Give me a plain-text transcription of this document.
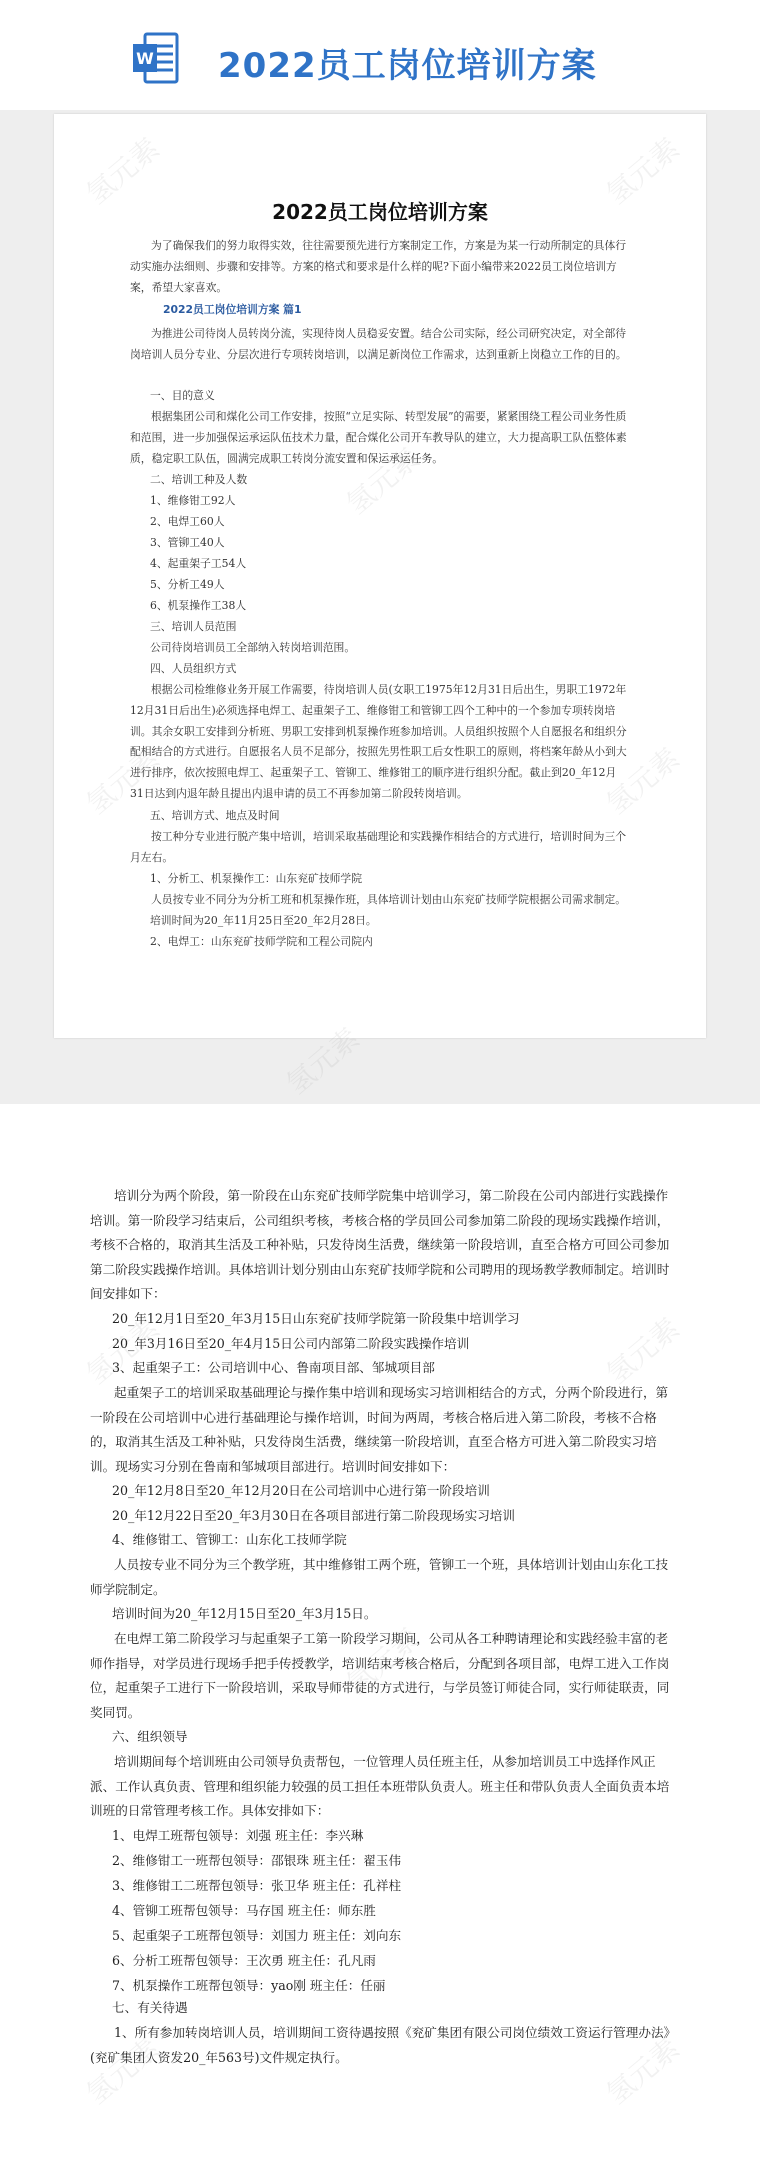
W 2022员工岗位培训方案
2022员工岗位培训方案
为了确保我们的努力取得实效，往往需要预先进行方案制定工作，方案是为某一行动所制定的具体行动实施办法细则、步骤和安排等。方案的格式和要求是什么样的呢?下面小编带来2022员工岗位培训方案，希望大家喜欢。
2022员工岗位培训方案 篇1
为推进公司待岗人员转岗分流，实现待岗人员稳妥安置。结合公司实际，经公司研究决定，对全部待岗培训人员分专业、分层次进行专项转岗培训，以满足新岗位工作需求，达到重新上岗稳立工作的目的。
一、目的意义
根据集团公司和煤化公司工作安排，按照“立足实际、转型发展”的需要，紧紧围绕工程公司业务性质和范围，进一步加强保运承运队伍技术力量，配合煤化公司开车教导队的建立，大力提高职工队伍整体素质，稳定职工队伍，圆满完成职工转岗分流安置和保运承运任务。
二、培训工种及人数
1、维修钳工92人
2、电焊工60人
3、管铆工40人
4、起重架子工54人
5、分析工49人
6、机泵操作工38人
三、培训人员范围
公司待岗培训员工全部纳入转岗培训范围。
四、人员组织方式
根据公司检维修业务开展工作需要，待岗培训人员(女职工1975年12月31日后出生，男职工1972年12月31日后出生)必须选择电焊工、起重架子工、维修钳工和管铆工四个工种中的一个参加专项转岗培训。其余女职工安排到分析班、男职工安排到机泵操作班参加培训。人员组织按照个人自愿报名和组织分配相结合的方式进行。自愿报名人员不足部分，按照先男性职工后女性职工的原则，将档案年龄从小到大进行排序，依次按照电焊工、起重架子工、管铆工、维修钳工的顺序进行组织分配。截止到20_年12月31日达到内退年龄且提出内退申请的员工不再参加第二阶段转岗培训。
五、培训方式、地点及时间
按工种分专业进行脱产集中培训，培训采取基础理论和实践操作相结合的方式进行，培训时间为三个月左右。
1、分析工、机泵操作工：山东兖矿技师学院
人员按专业不同分为分析工班和机泵操作班，具体培训计划由山东兖矿技师学院根据公司需求制定。
培训时间为20_年11月25日至20_年2月28日。
2、电焊工：山东兖矿技师学院和工程公司院内
培训分为两个阶段，第一阶段在山东兖矿技师学院集中培训学习，第二阶段在公司内部进行实践操作培训。第一阶段学习结束后，公司组织考核，考核合格的学员回公司参加第二阶段的现场实践操作培训，考核不合格的，取消其生活及工种补贴，只发待岗生活费，继续第一阶段培训，直至合格方可回公司参加第二阶段实践操作培训。具体培训计划分别由山东兖矿技师学院和公司聘用的现场教学教师制定。培训时间安排如下：
20_年12月1日至20_年3月15日山东兖矿技师学院第一阶段集中培训学习
20_年3月16日至20_年4月15日公司内部第二阶段实践操作培训
3、起重架子工：公司培训中心、鲁南项目部、邹城项目部
起重架子工的培训采取基础理论与操作集中培训和现场实习培训相结合的方式，分两个阶段进行，第一阶段在公司培训中心进行基础理论与操作培训，时间为两周，考核合格后进入第二阶段，考核不合格的，取消其生活及工种补贴，只发待岗生活费，继续第一阶段培训，直至合格方可进入第二阶段实习培训。现场实习分别在鲁南和邹城项目部进行。培训时间安排如下：
20_年12月8日至20_年12月20日在公司培训中心进行第一阶段培训
20_年12月22日至20_年3月30日在各项目部进行第二阶段现场实习培训
4、维修钳工、管铆工：山东化工技师学院
人员按专业不同分为三个教学班，其中维修钳工两个班，管铆工一个班，具体培训计划由山东化工技师学院制定。
培训时间为20_年12月15日至20_年3月15日。
在电焊工第二阶段学习与起重架子工第一阶段学习期间，公司从各工种聘请理论和实践经验丰富的老师作指导，对学员进行现场手把手传授教学，培训结束考核合格后，分配到各项目部，电焊工进入工作岗位，起重架子工进行下一阶段培训，采取导师带徒的方式进行，与学员签订师徒合同，实行师徒联责，同奖同罚。
六、组织领导
培训期间每个培训班由公司领导负责帮包，一位管理人员任班主任，从参加培训员工中选择作风正派、工作认真负责、管理和组织能力较强的员工担任本班带队负责人。班主任和带队负责人全面负责本培训班的日常管理考核工作。具体安排如下：
1、电焊工班帮包领导：刘强 班主任：李兴琳
2、维修钳工一班帮包领导：邵银珠 班主任：翟玉伟
3、维修钳工二班帮包领导：张卫华 班主任：孔祥柱
4、管铆工班帮包领导：马存国 班主任：师东胜
5、起重架子工班帮包领导：刘国力 班主任：刘向东
6、分析工班帮包领导：王次勇 班主任：孔凡雨
7、机泵操作工班帮包领导：yao刚 班主任：任丽
七、有关待遇
1、所有参加转岗培训人员，培训期间工资待遇按照《兖矿集团有限公司岗位绩效工资运行管理办法》(兖矿集团人资发20_年563号)文件规定执行。
氢元素	氢元素
氢元素
氢元素	氢元素
